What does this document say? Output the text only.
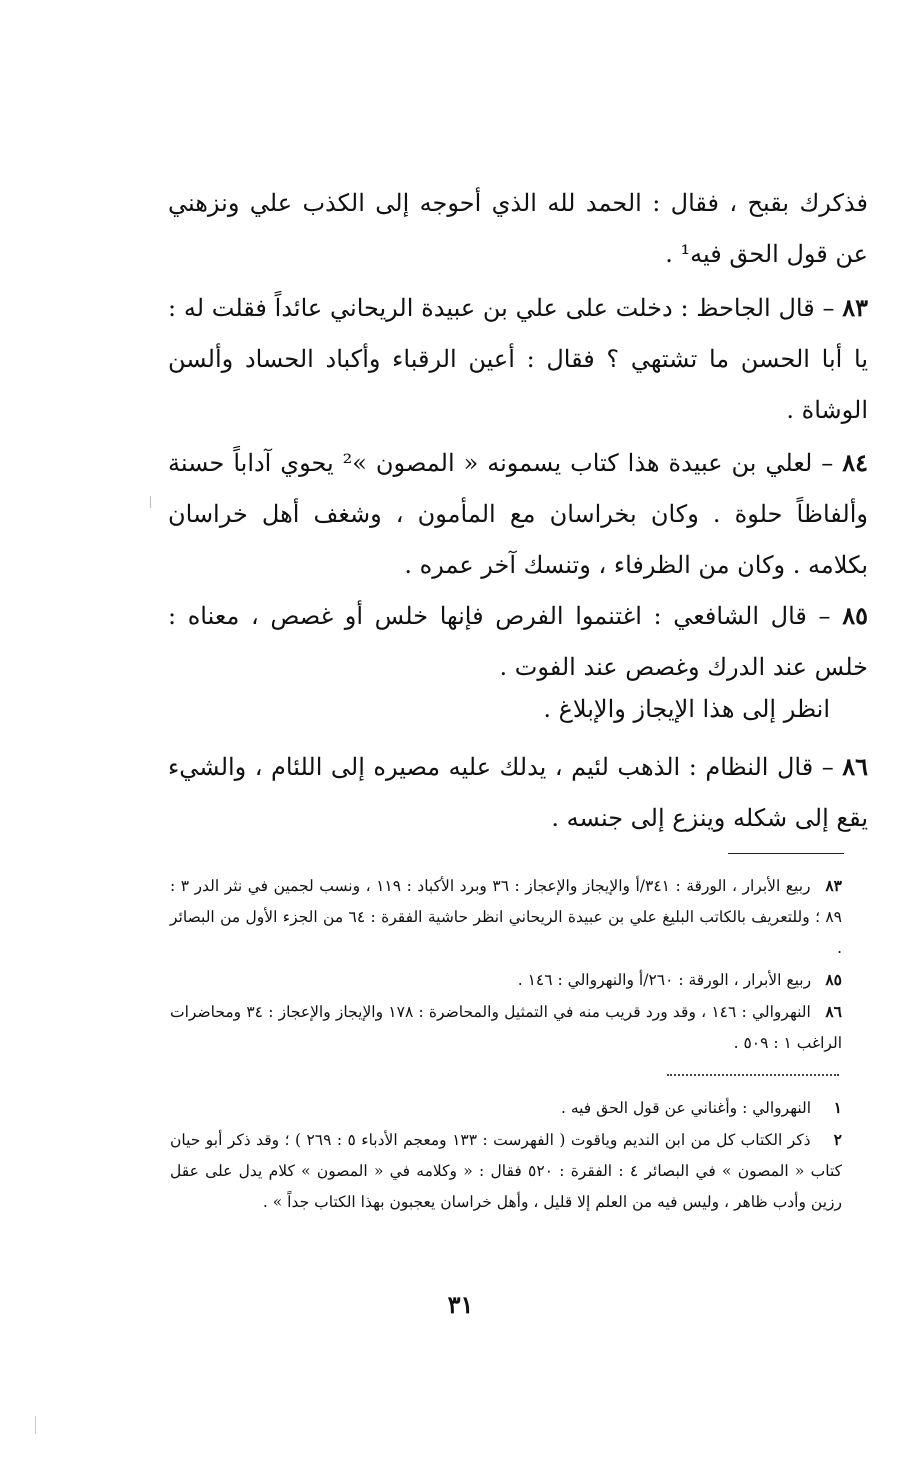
فذكرك بقبح ، فقال : الحمد لله الذي أحوجه إلى الكذب علي ونزهني عن قول الحق فيه¹ .

٨٣ – قال الجاحظ : دخلت على علي بن عبيدة الريحاني عائداً فقلت له : يا أبا الحسن ما تشتهي ؟ فقال : أعين الرقباء وأكباد الحساد وألسن الوشاة .

٨٤ – لعلي بن عبيدة هذا كتاب يسمونه « المصون »² يحوي آداباً حسنة وألفاظاً حلوة . وكان بخراسان مع المأمون ، وشغف أهل خراسان بكلامه . وكان من الظرفاء ، وتنسك آخر عمره .

٨٥ – قال الشافعي : اغتنموا الفرص فإنها خلس أو غصص ، معناه : خلس عند الدرك وغصص عند الفوت .

انظر إلى هذا الإيجاز والإبلاغ .

٨٦ – قال النظام : الذهب لئيم ، يدلك عليه مصيره إلى اللئام ، والشيء يقع إلى شكله وينزع إلى جنسه .

٨٣ ربيع الأبرار ، الورقة : ٣٤١/أ والإيجاز والإعجاز : ٣٦ وبرد الأكباد : ١١٩ ، ونسب لجمين في نثر الدر ٣ : ٨٩ ؛ وللتعريف بالكاتب البليغ علي بن عبيدة الريحاني انظر حاشية الفقرة : ٦٤ من الجزء الأول من البصائر .

٨٥ ربيع الأبرار ، الورقة : ٢٦٠/أ والنهروالي : ١٤٦ .

٨٦ النهروالي : ١٤٦ ، وقد ورد قريب منه في التمثيل والمحاضرة : ١٧٨ والإيجاز والإعجاز : ٣٤ ومحاضرات الراغب ١ : ٥٠٩ .

١ النهروالي : وأغناني عن قول الحق فيه .

٢ ذكر الكتاب كل من ابن النديم وياقوت ( الفهرست : ١٣٣ ومعجم الأدباء ٥ : ٢٦٩ ) ؛ وقد ذكر أبو حيان كتاب « المصون » في البصائر ٤ : الفقرة : ٥٢٠ فقال : « وكلامه في « المصون » كلام يدل على عقل رزين وأدب ظاهر ، وليس فيه من العلم إلا قليل ، وأهل خراسان يعجبون بهذا الكتاب جداً » .

٣١
